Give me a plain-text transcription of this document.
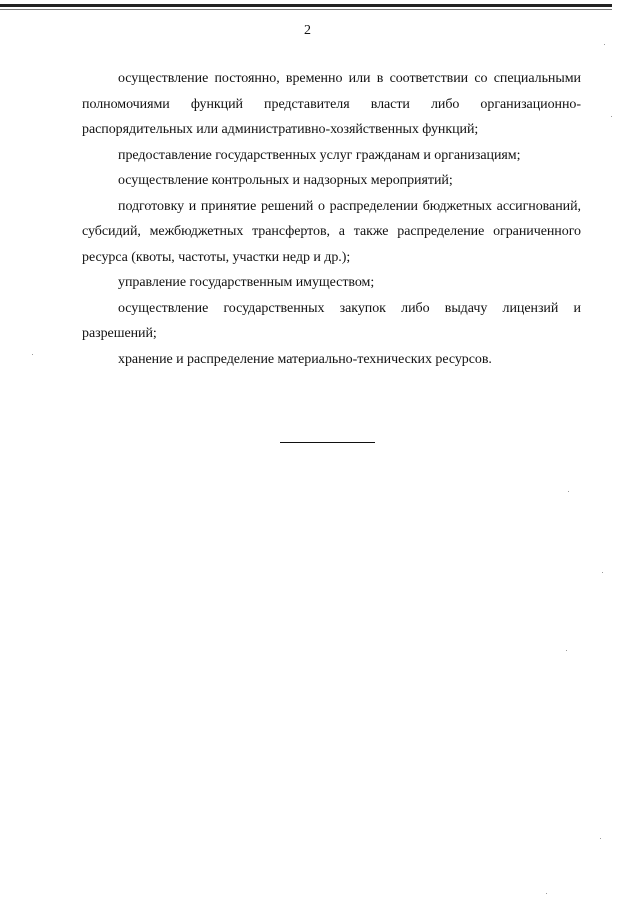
2

осуществление постоянно, временно или в соответствии со специальными полномочиями функций представителя власти либо организационно-распорядительных или административно-хозяйственных функций;

предоставление государственных услуг гражданам и организациям;

осуществление контрольных и надзорных мероприятий;

подготовку и принятие решений о распределении бюджетных ассигнований, субсидий, межбюджетных трансфертов, а также распределение ограниченного ресурса (квоты, частоты, участки недр и др.);

управление государственным имуществом;

осуществление государственных закупок либо выдачу лицензий и разрешений;

хранение и распределение материально-технических ресурсов.
